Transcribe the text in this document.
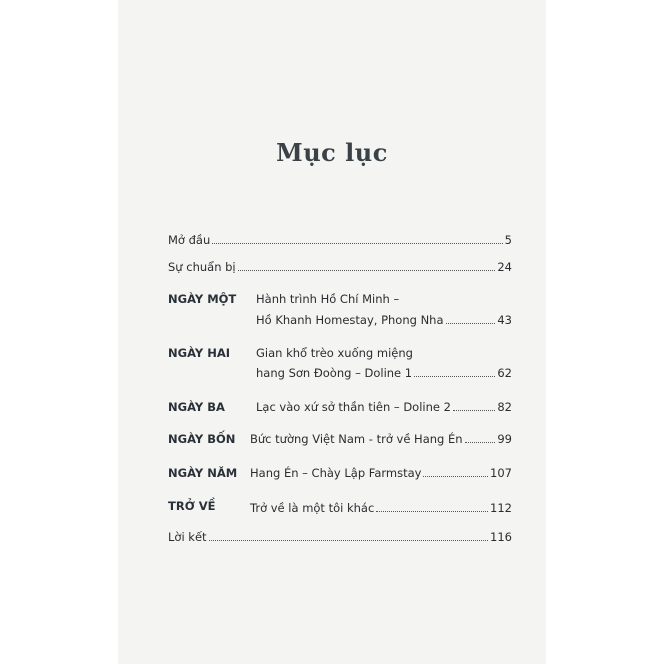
Mục lục
Mở đầu	5
Sự chuẩn bị	24
NGÀY MỘT Hành trình Hồ Chí Minh –
Hồ Khanh Homestay, Phong Nha	43
NGÀY HAI Gian khổ trèo xuống miệng
hang Sơn Đoòng – Doline 1	62
NGÀY BA	Lạc vào xứ sở thần tiên – Doline 2	82
NGÀY BỐN Bức tường Việt Nam - trở về Hang Én	99
NGÀY NĂM Hang Én – Chày Lập Farmstay	107
TRỞ VỀ	Trở về là một tôi khác	112
Lời kết	116
